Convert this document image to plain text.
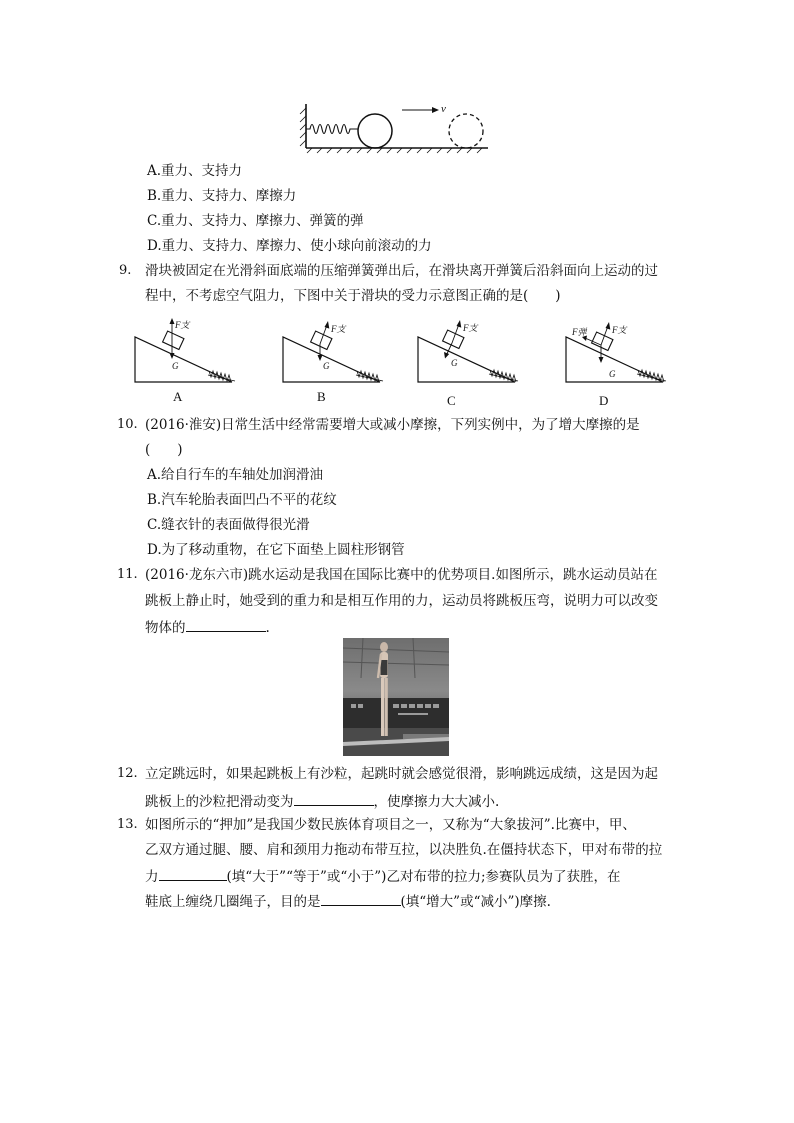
v
A.重力、支持力
B.重力、支持力、摩擦力
C.重力、支持力、摩擦力、弹簧的弹
D.重力、支持力、摩擦力、使小球向前滚动的力
9. 滑块被固定在光滑斜面底端的压缩弹簧弹出后，在滑块离开弹簧后沿斜面向上运动的过
程中，不考虑空气阻力，下图中关于滑块的受力示意图正确的是(　　)
F支
G
A
F支
G
B
F支
G
C
F支
F弹
G
D
10. (2016·淮安)日常生活中经常需要增大或减小摩擦，下列实例中，为了增大摩擦的是
(　　)
A.给自行车的车轴处加润滑油
B.汽车轮胎表面凹凸不平的花纹
C.缝衣针的表面做得很光滑
D.为了移动重物，在它下面垫上圆柱形钢管
11. (2016·龙东六市)跳水运动是我国在国际比赛中的优势项目.如图所示，跳水运动员站在
跳板上静止时，她受到的重力和是相互作用的力，运动员将跳板压弯，说明力可以改变
物体的	.
12. 立定跳远时，如果起跳板上有沙粒，起跳时就会感觉很滑，影响跳远成绩，这是因为起
跳板上的沙粒把滑动变为	，使摩擦力大大减小.
13. 如图所示的“押加”是我国少数民族体育项目之一，又称为“大象拔河”.比赛中，甲、
乙双方通过腿、腰、肩和颈用力拖动布带互拉，以决胜负.在僵持状态下，甲对布带的拉
力	(填“大于”“等于”或“小于”)乙对布带的拉力;参赛队员为了获胜，在
鞋底上缠绕几圈绳子，目的是	(填“增大”或“减小”)摩擦.
